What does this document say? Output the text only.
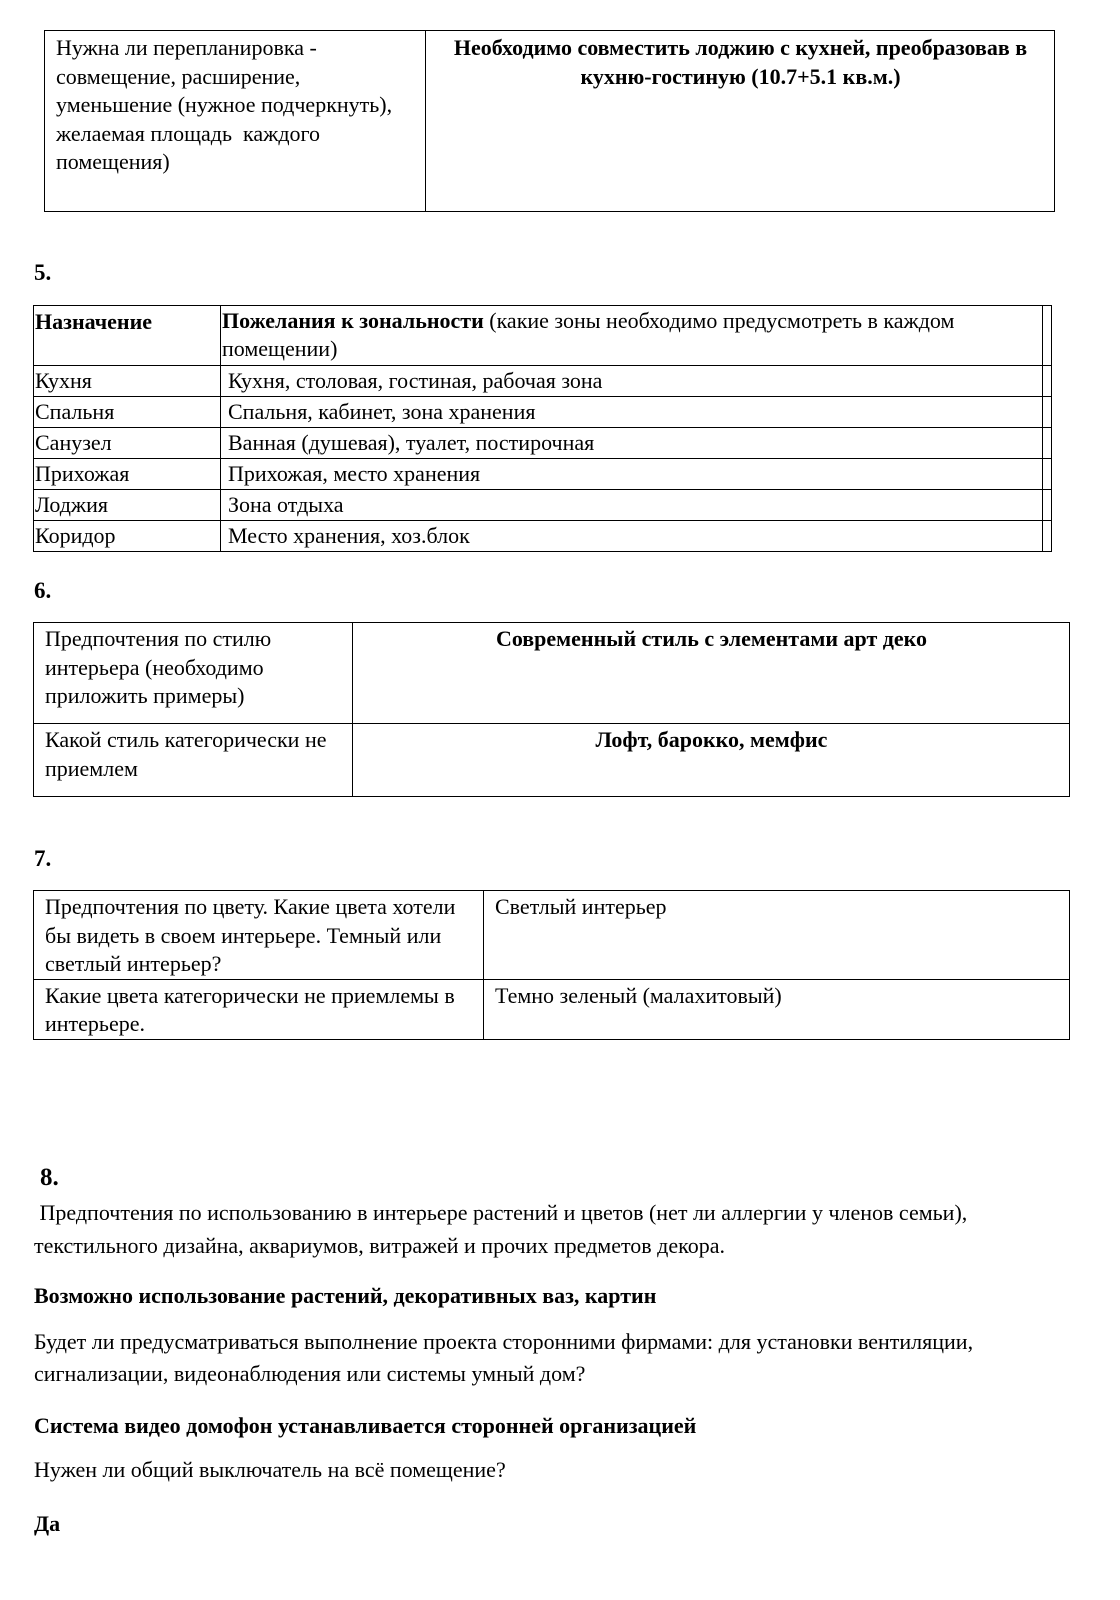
Нужна ли перепланировка - совмещение, расширение, уменьшение (нужное подчеркнуть), желаемая площадь  каждого помещения)	Необходимо совместить лоджию с кухней, преобразовав в кухню-гостиную (10.7+5.1 кв.м.)
5.
Назначение	Пожелания к зональности (какие зоны необходимо предусмотреть в каждом помещении)	
Кухня	Кухня, столовая, гостиная, рабочая зона	
Спальня	Спальня, кабинет, зона хранения	
Санузел	Ванная (душевая), туалет, постирочная	
Прихожая	Прихожая, место хранения	
Лоджия	Зона отдыха	
Коридор	Место хранения, хоз.блок	
6.
Предпочтения по стилю интерьера (необходимо приложить примеры)	Современный стиль с элементами арт деко
Какой стиль категорически не приемлем	Лофт, барокко, мемфис
7.
Предпочтения по цвету. Какие цвета хотели бы видеть в своем интерьере. Темный или светлый интерьер?	Светлый интерьер
Какие цвета категорически не приемлемы в интерьере.	Темно зеленый (малахитовый)
8.
Предпочтения по использованию в интерьере растений и цветов (нет ли аллергии у членов семьи), текстильного дизайна, аквариумов, витражей и прочих предметов декора.
Возможно использование растений, декоративных ваз, картин
Будет ли предусматриваться выполнение проекта сторонними фирмами: для установки вентиляции, сигнализации, видеонаблюдения или системы умный дом?
Система видео домофон устанавливается сторонней организацией
Нужен ли общий выключатель на всё помещение?
Да
